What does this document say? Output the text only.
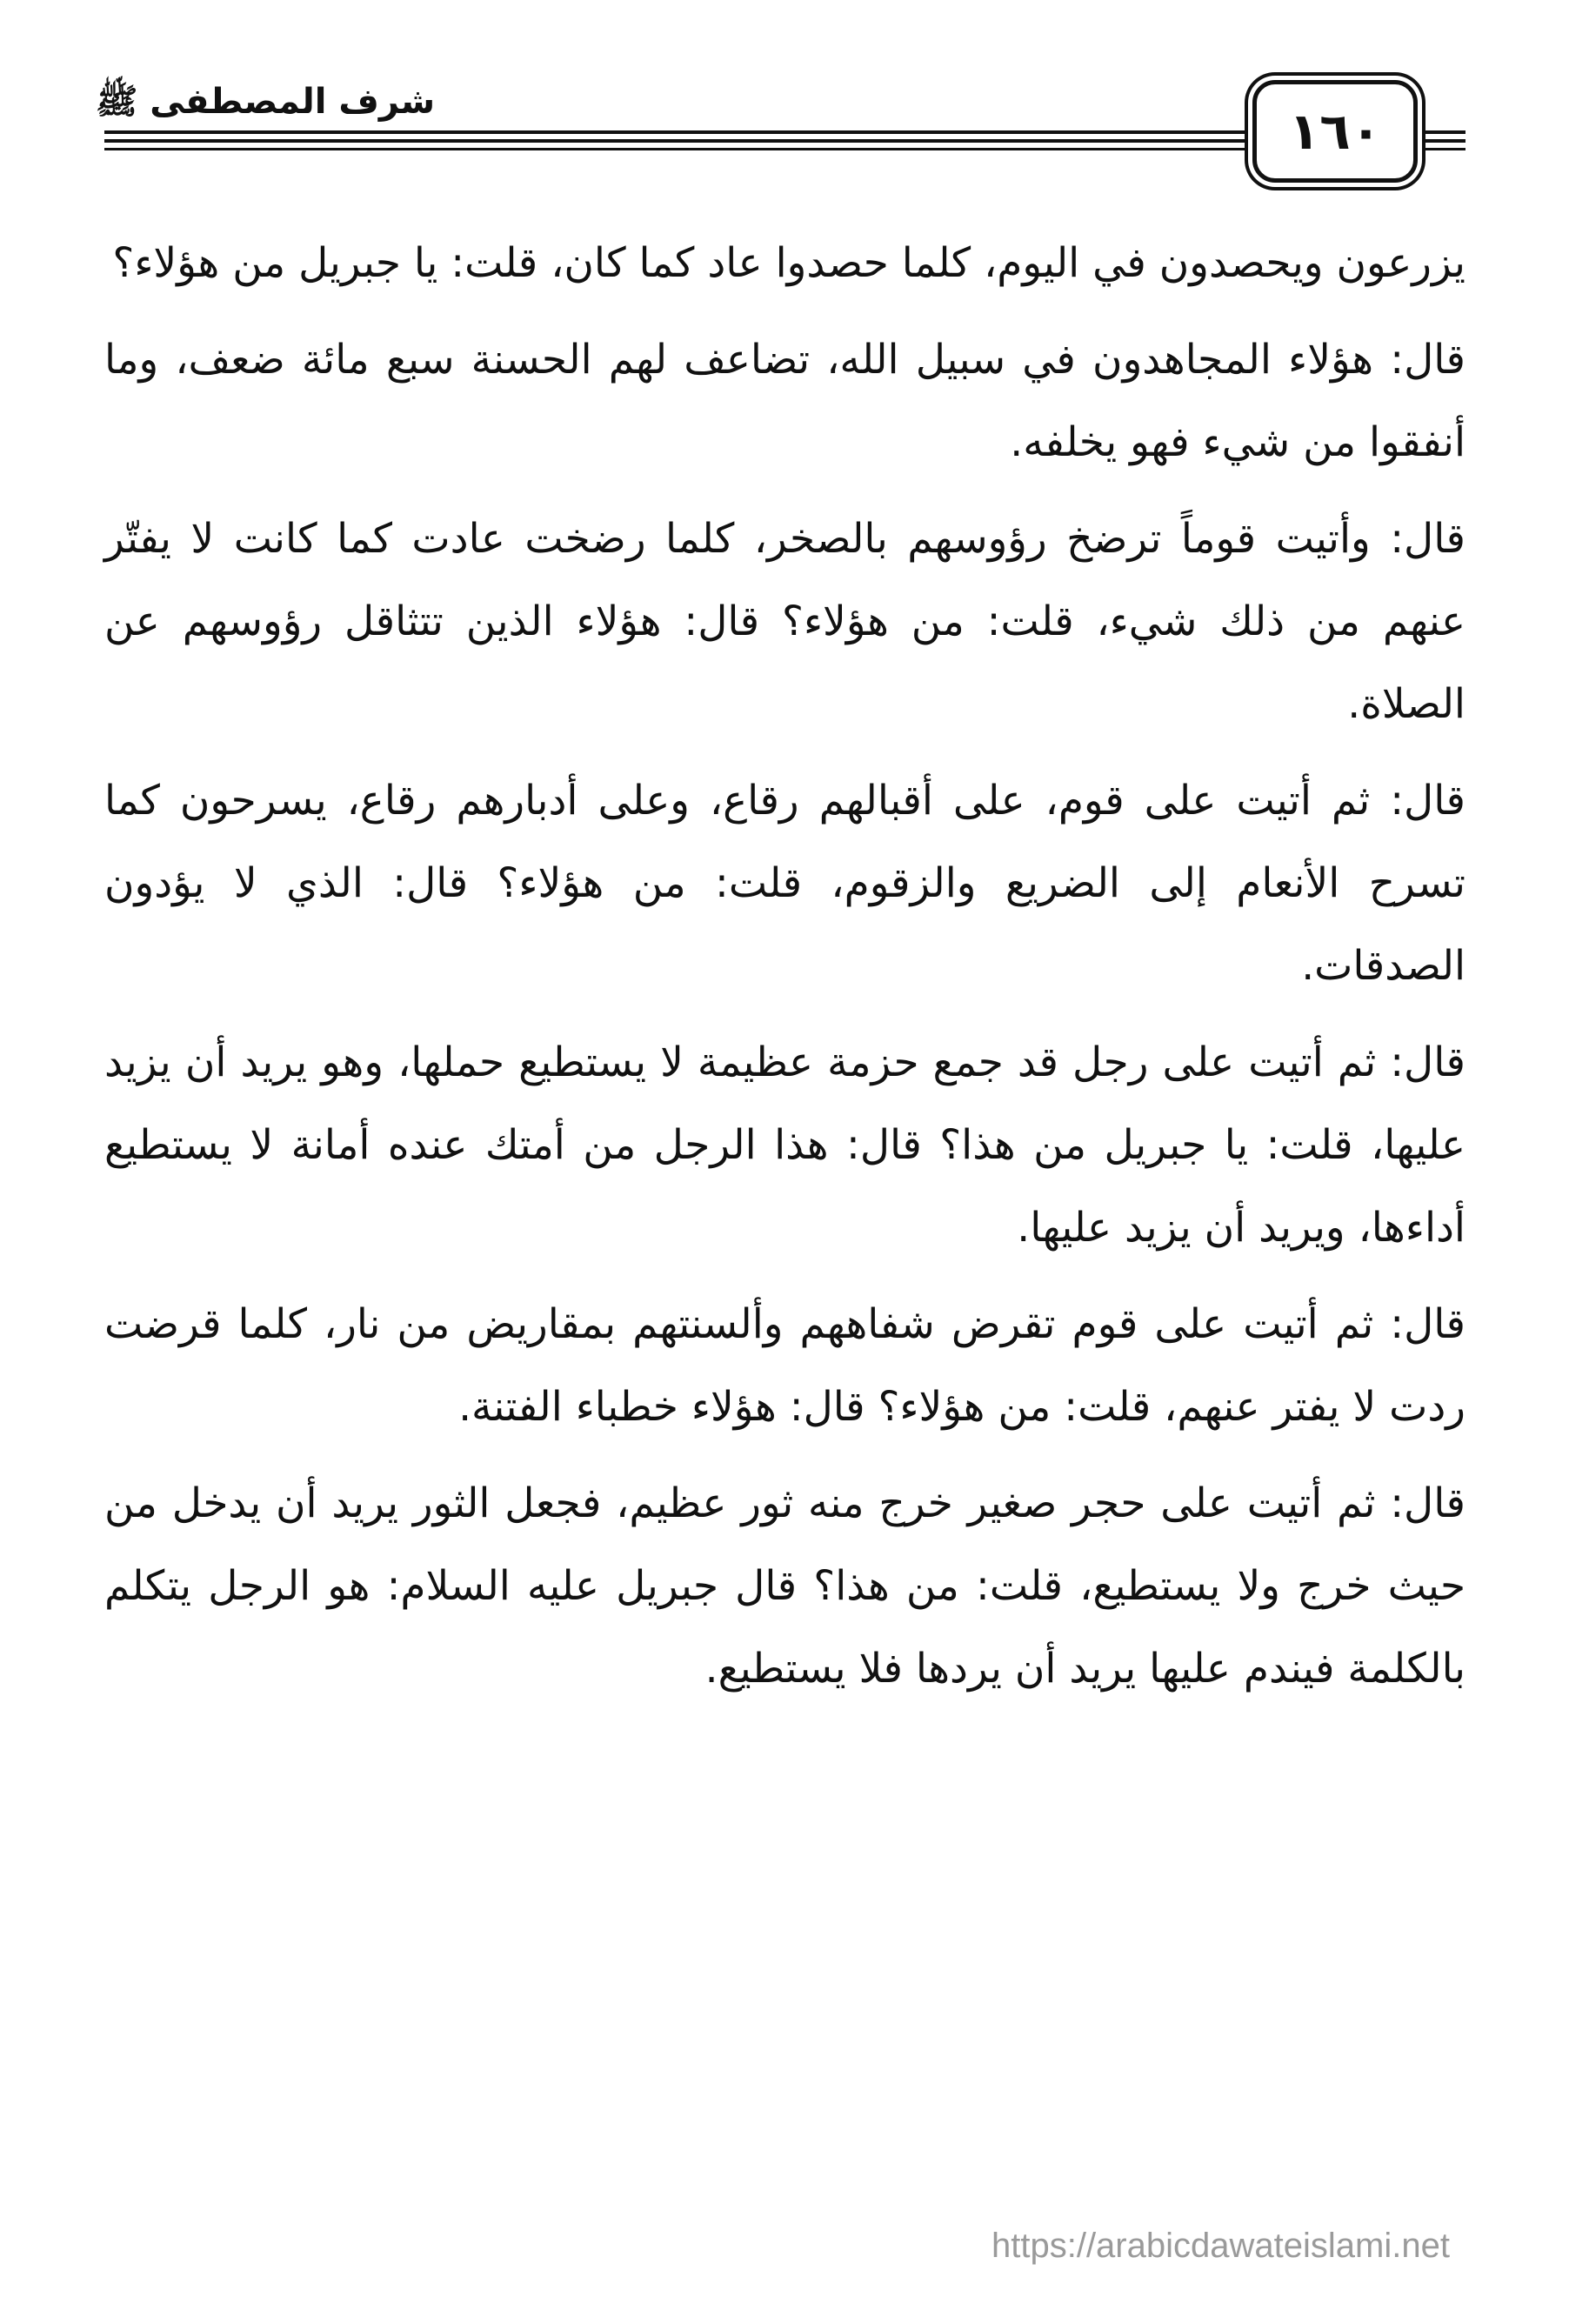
١٦٠
شرف المصطفى ﷺ

يزرعون ويحصدون في اليوم، كلما حصدوا عاد كما كان، قلت: يا جبريل من هؤلاء؟

قال: هؤلاء المجاهدون في سبيل الله، تضاعف لهم الحسنة سبع مائة ضعف، وما أنفقوا من شيء فهو يخلفه.

قال: وأتيت قوماً ترضخ رؤوسهم بالصخر، كلما رضخت عادت كما كانت لا يفتّر عنهم من ذلك شيء، قلت: من هؤلاء؟ قال: هؤلاء الذين تتثاقل رؤوسهم عن الصلاة.

قال: ثم أتيت على قوم، على أقبالهم رقاع، وعلى أدبارهم رقاع، يسرحون كما تسرح الأنعام إلى الضريع والزقوم، قلت: من هؤلاء؟ قال: الذي لا يؤدون الصدقات.

قال: ثم أتيت على رجل قد جمع حزمة عظيمة لا يستطيع حملها، وهو يريد أن يزيد عليها، قلت: يا جبريل من هذا؟ قال: هذا الرجل من أمتك عنده أمانة لا يستطيع أداءها، ويريد أن يزيد عليها.

قال: ثم أتيت على قوم تقرض شفاههم وألسنتهم بمقاريض من نار، كلما قرضت ردت لا يفتر عنهم، قلت: من هؤلاء؟ قال: هؤلاء خطباء الفتنة.

قال: ثم أتيت على حجر صغير خرج منه ثور عظيم، فجعل الثور يريد أن يدخل من حيث خرج ولا يستطيع، قلت: من هذا؟ قال جبريل عليه السلام: هو الرجل يتكلم بالكلمة فيندم عليها يريد أن يردها فلا يستطيع.

https://arabicdawateislami.net
